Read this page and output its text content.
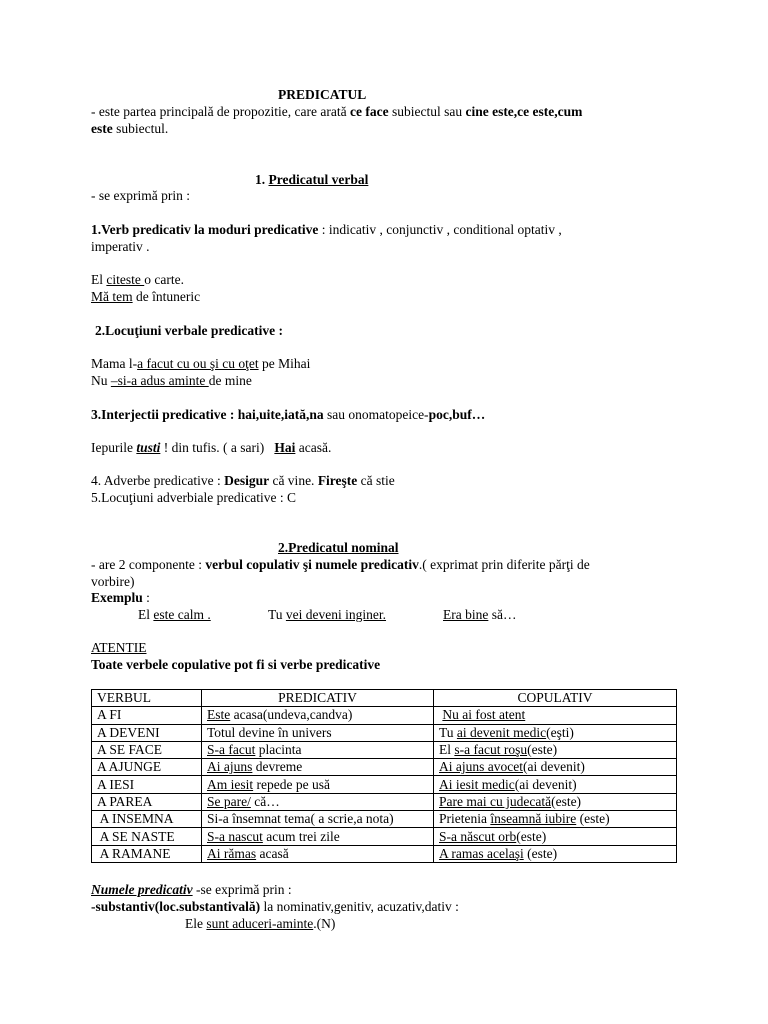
PREDICATUL
- este partea principală de propozitie, care arată ce face subiectul sau cine este,ce este,cum
este subiectul.
1. Predicatul verbal
- se exprimă prin :
1.Verb predicativ la moduri predicative : indicativ , conjunctiv , conditional optativ ,
imperativ .
El citeste o carte.
Mă tem de întuneric
2.Locuţiuni verbale predicative :
Mama l-a facut cu ou şi cu oţet pe Mihai
Nu –si-a adus aminte de mine
3.Interjectii predicative : hai,uite,iată,na sau onomatopeice-poc,buf…
Iepurile tusti ! din tufis. ( a sari)   Hai acasă.
4. Adverbe predicative : Desigur că vine. Fireşte că stie
5.Locuţiuni adverbiale predicative : C
2.Predicatul nominal
- are 2 componente : verbul copulativ şi numele predicativ.( exprimat prin diferite părţi de
vorbire)
Exemplu :
El este calm .	Tu vei deveni inginer.	Era bine să…
ATENTIE
Toate verbele copulative pot fi si verbe predicative
VERBUL	PREDICATIV	COPULATIV
A FI	Este acasa(undeva,candva)	Nu ai fost atent
A DEVENI	Totul devine în univers	Tu ai devenit medic(eşti)
A SE FACE	S-a facut placinta	El s-a facut roşu(este)
A AJUNGE	Ai ajuns devreme	Ai ajuns avocet(ai devenit)
A IESI	Am iesit repede pe usă	Ai iesit medic(ai devenit)
A PAREA	Se pare/ că…	Pare mai cu judecată(este)
A INSEMNA	Si-a însemnat tema( a scrie,a nota)	Prietenia înseamnă iubire (este)
A SE NASTE	S-a nascut acum trei zile	S-a născut orb(este)
A RAMANE	Ai rămas acasă	A ramas acelaşi (este)
Numele predicativ -se exprimă prin :
-substantiv(loc.substantivală) la nominativ,genitiv, acuzativ,dativ :
Ele sunt aduceri-aminte.(N)
